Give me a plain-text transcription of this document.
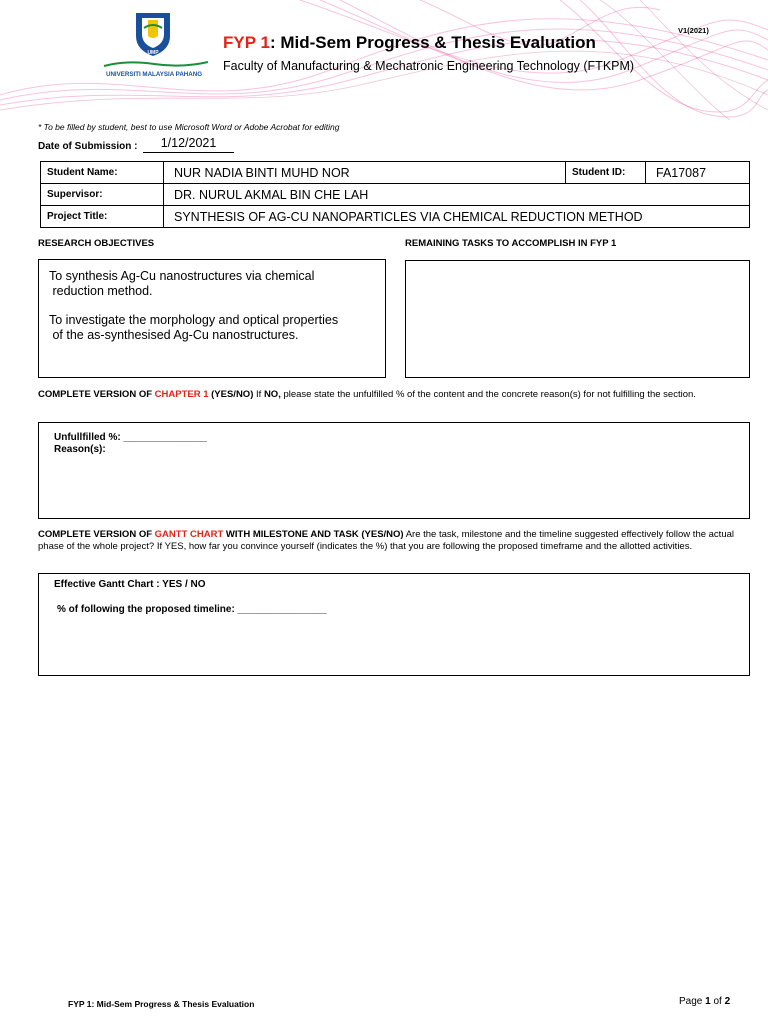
UMP
UNIVERSITI MALAYSIA PAHANG
FYP 1: Mid-Sem Progress & Thesis Evaluation
Faculty of Manufacturing & Mechatronic Engineering Technology (FTKPM)
V1(2021)
* To be filled by student, best to use Microsoft Word or Adobe Acrobat for editing
Date of Submission :	1/12/2021
Student Name:	NUR NADIA BINTI MUHD NOR	Student ID:	FA17087
Supervisor:	DR. NURUL AKMAL BIN CHE LAH		
Project Title:	SYNTHESIS OF AG-CU NANOPARTICLES VIA CHEMICAL REDUCTION METHOD		
RESEARCH OBJECTIVES	REMAINING TASKS TO ACCOMPLISH IN FYP 1
To synthesis Ag-Cu nanostructures via chemical
reduction method.
To investigate the morphology and optical properties
of the as-synthesised Ag-Cu nanostructures.
COMPLETE VERSION OF CHAPTER 1 (YES/NO) If NO, please state the unfulfilled % of the content and the concrete reason(s) for not fulfilling the section.
Unfullfilled %: _______________
Reason(s):
COMPLETE VERSION OF GANTT CHART WITH MILESTONE AND TASK (YES/NO) Are the task, milestone and the timeline suggested effectively follow the actual phase of the whole project? If YES, how far you convince yourself (indicates the %) that you are following the proposed timeframe and the allotted activities.
Effective Gantt Chart : YES / NO
% of following the proposed timeline: ________________
FYP 1: Mid-Sem Progress & Thesis Evaluation	Page 1 of 2
